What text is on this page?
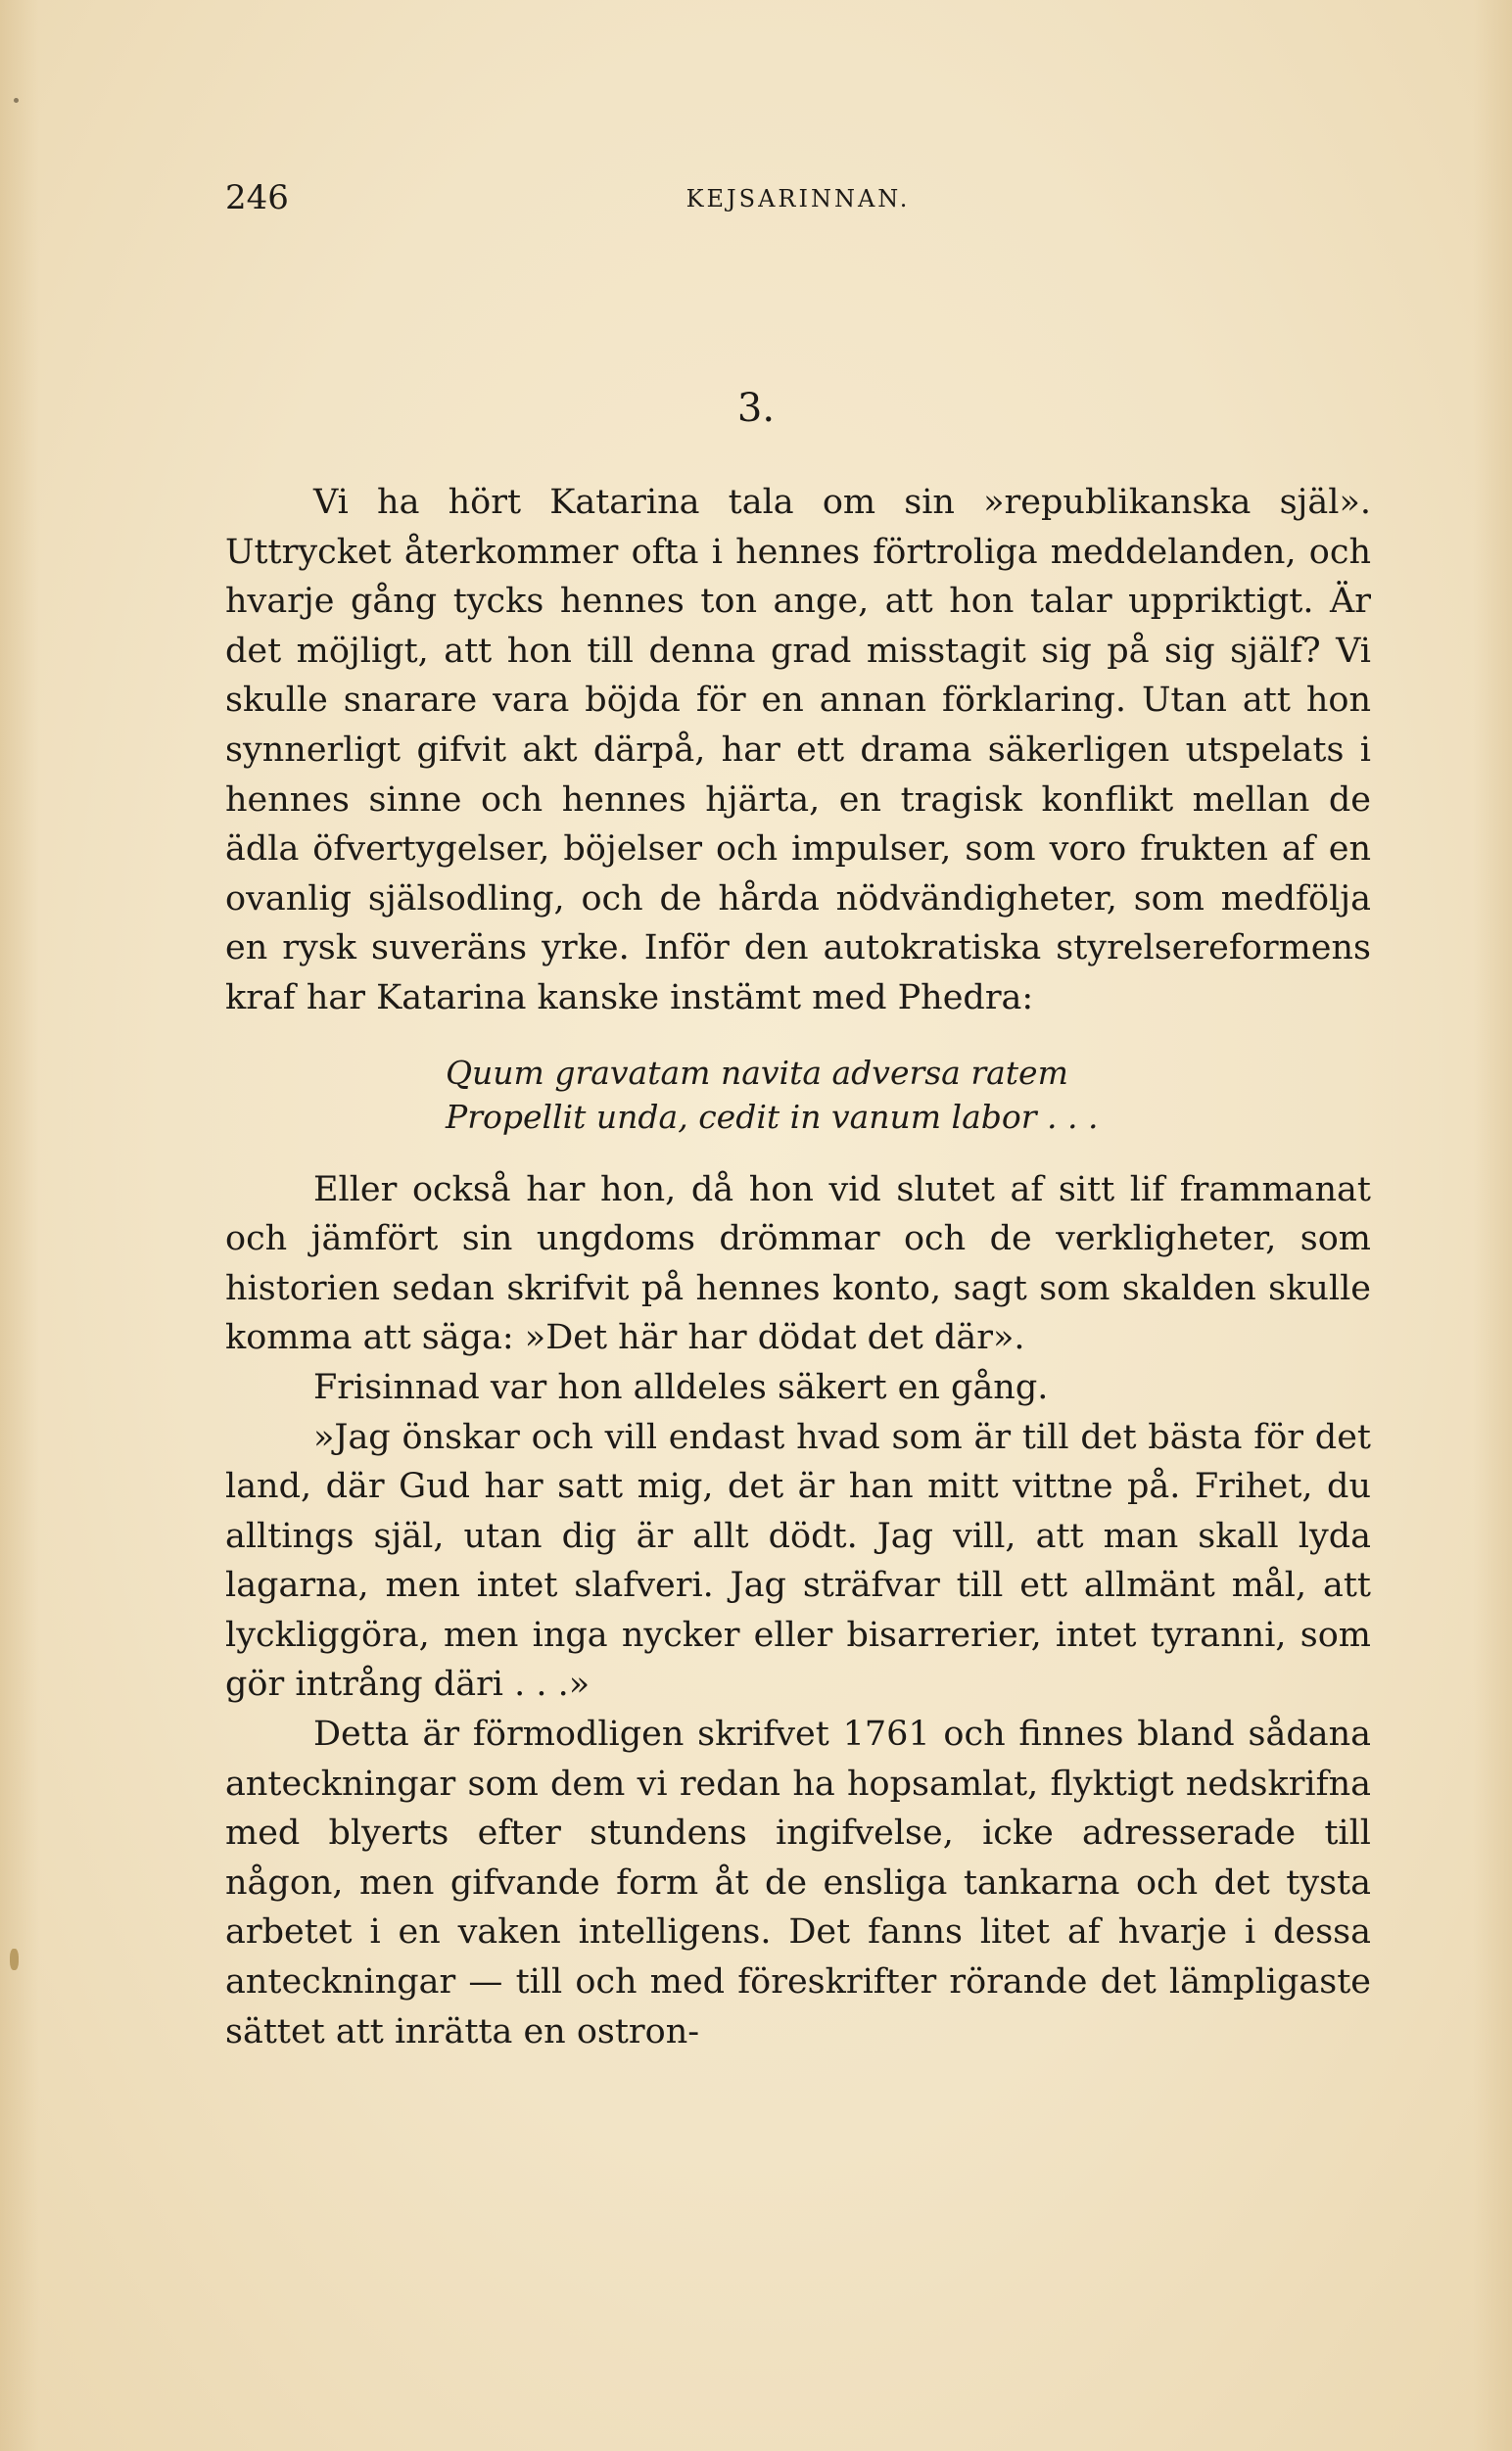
246	KEJSARINNAN.
3.

Vi ha hört Katarina tala om sin »republikanska själ». Uttrycket återkommer ofta i hennes förtroliga meddelanden, och hvarje gång tycks hennes ton ange, att hon talar uppriktigt. Är det möjligt, att hon till denna grad misstagit sig på sig själf? Vi skulle snarare vara böjda för en annan förklaring. Utan att hon synnerligt gifvit akt därpå, har ett drama säkerligen utspelats i hennes sinne och hennes hjärta, en tragisk konflikt mellan de ädla öfvertygelser, böjelser och impulser, som voro frukten af en ovanlig själsodling, och de hårda nödvändigheter, som medfölja en rysk suveräns yrke. Inför den autokratiska styrelsereformens kraf har Katarina kanske instämt med Phedra:

Quum gravatam navita adversa ratem
Propellit unda, cedit in vanum labor . . .

Eller också har hon, då hon vid slutet af sitt lif frammanat och jämfört sin ungdoms drömmar och de verkligheter, som historien sedan skrifvit på hennes konto, sagt som skalden skulle komma att säga: »Det här har dödat det där».

Frisinnad var hon alldeles säkert en gång.

»Jag önskar och vill endast hvad som är till det bästa för det land, där Gud har satt mig, det är han mitt vittne på. Frihet, du alltings själ, utan dig är allt dödt. Jag vill, att man skall lyda lagarna, men intet slafveri. Jag sträfvar till ett allmänt mål, att lyckliggöra, men inga nycker eller bisarrerier, intet tyranni, som gör intrång däri . . .»

Detta är förmodligen skrifvet 1761 och finnes bland sådana anteckningar som dem vi redan ha hopsamlat, flyktigt nedskrifna med blyerts efter stundens ingifvelse, icke adresserade till någon, men gifvande form åt de ensliga tankarna och det tysta arbetet i en vaken intelligens. Det fanns litet af hvarje i dessa anteckningar — till och med föreskrifter rörande det lämpligaste sättet att inrätta en ostron-
